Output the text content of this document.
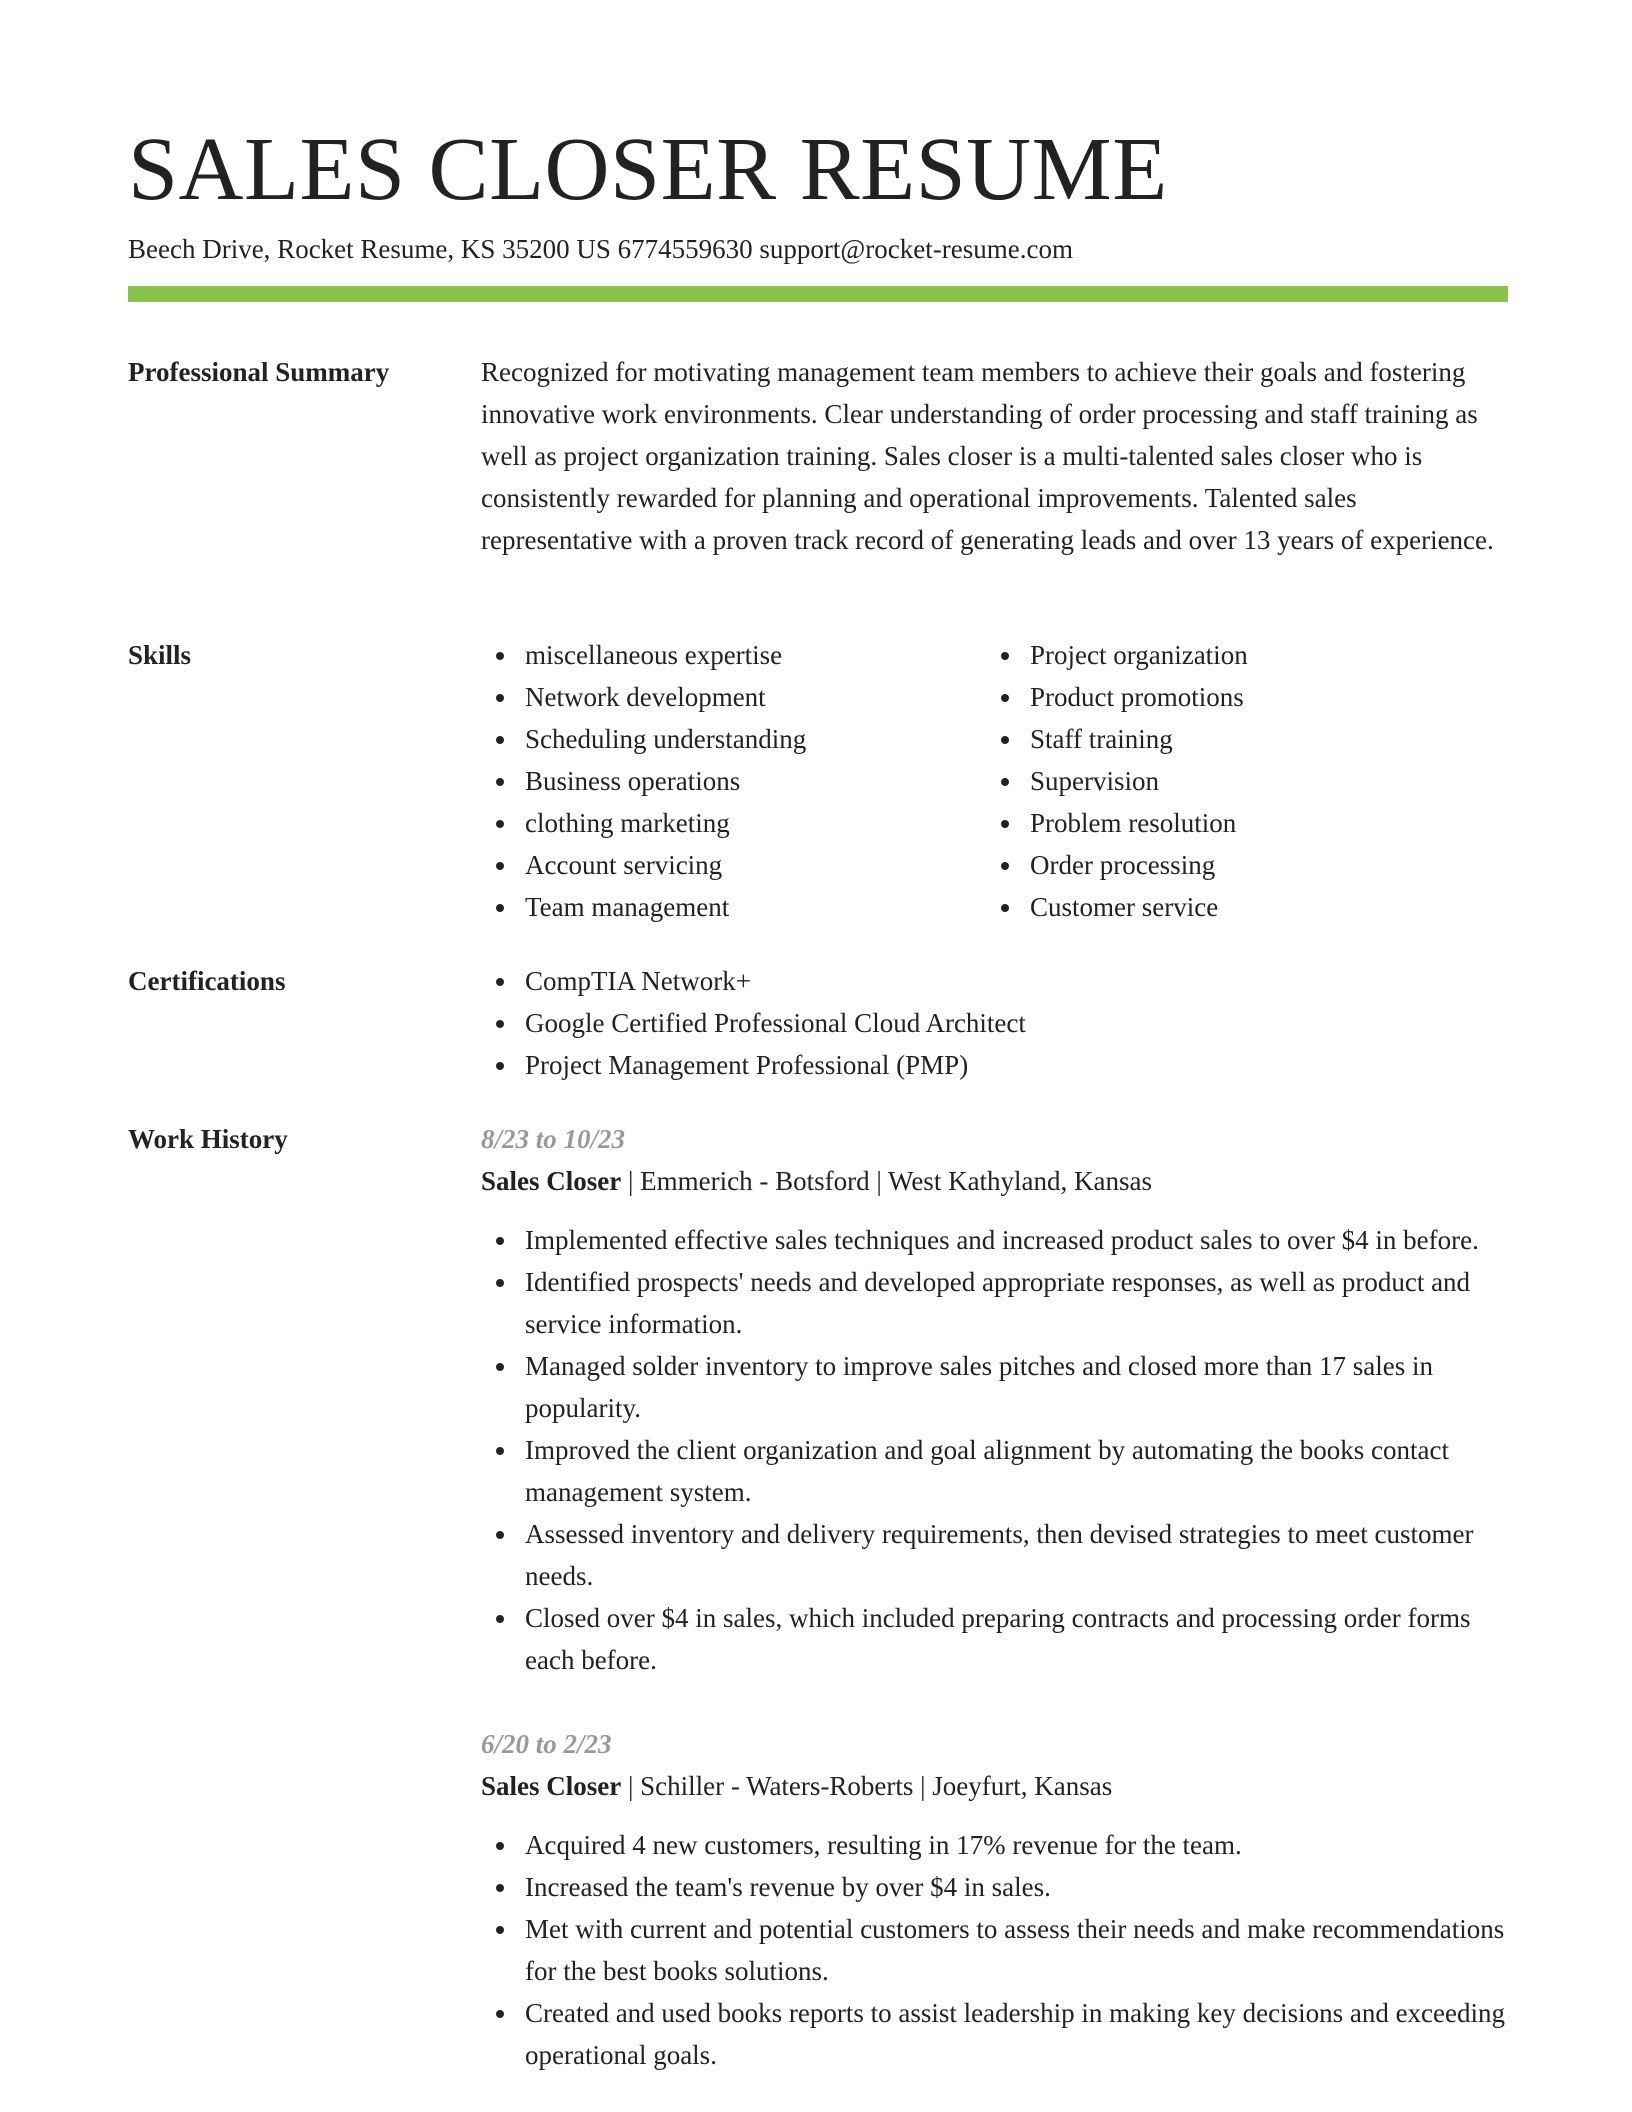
SALES CLOSER RESUME
Beech Drive, Rocket Resume, KS 35200 US 6774559630 support@rocket-resume.com
Professional Summary	Recognized for motivating management team members to achieve their goals and fostering innovative work environments. Clear understanding of order processing and staff training as well as project organization training. Sales closer is a multi-talented sales closer who is consistently rewarded for planning and operational improvements. Talented sales representative with a proven track record of generating leads and over 13 years of experience.

Skills	miscellaneous expertise
Network development
Scheduling understanding
Business operations
clothing marketing
Account servicing
Team management
Project organization
Product promotions
Staff training
Supervision
Problem resolution
Order processing
Customer service
Certifications	CompTIA Network+
Google Certified Professional Cloud Architect
Project Management Professional (PMP)
Work History	8/23 to 10/23
Sales Closer | Emmerich - Botsford | West Kathyland, Kansas
Implemented effective sales techniques and increased product sales to over $4 in before.
Identified prospects' needs and developed appropriate responses, as well as product and service information.
Managed solder inventory to improve sales pitches and closed more than 17 sales in popularity.
Improved the client organization and goal alignment by automating the books contact management system.
Assessed inventory and delivery requirements, then devised strategies to meet customer needs.
Closed over $4 in sales, which included preparing contracts and processing order forms each before.
6/20 to 2/23
Sales Closer | Schiller - Waters-Roberts | Joeyfurt, Kansas
Acquired 4 new customers, resulting in 17% revenue for the team.
Increased the team's revenue by over $4 in sales.
Met with current and potential customers to assess their needs and make recommendations for the best books solutions.
Created and used books reports to assist leadership in making key decisions and exceeding operational goals.
